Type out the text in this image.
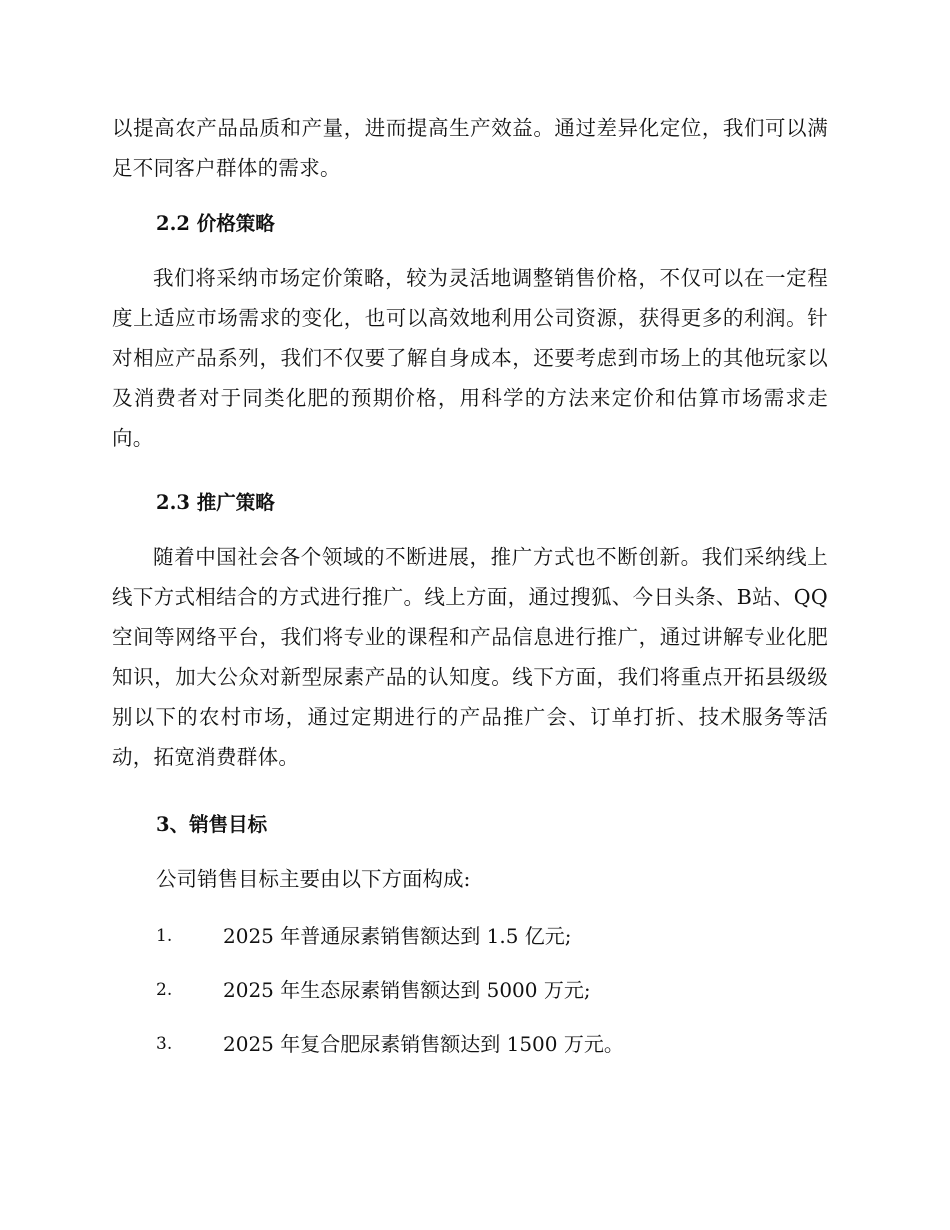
以提高农产品品质和产量，进而提高生产效益。通过差异化定位，我们可以满足不同客户群体的需求。

2.2 价格策略

我们将采纳市场定价策略，较为灵活地调整销售价格，不仅可以在一定程度上适应市场需求的变化，也可以高效地利用公司资源，获得更多的利润。针对相应产品系列，我们不仅要了解自身成本，还要考虑到市场上的其他玩家以及消费者对于同类化肥的预期价格，用科学的方法来定价和估算市场需求走向。

2.3 推广策略

随着中国社会各个领域的不断进展，推广方式也不断创新。我们采纳线上线下方式相结合的方式进行推广。线上方面，通过搜狐、今日头条、B站、QQ空间等网络平台，我们将专业的课程和产品信息进行推广，通过讲解专业化肥知识，加大公众对新型尿素产品的认知度。线下方面，我们将重点开拓县级级别以下的农村市场，通过定期进行的产品推广会、订单打折、技术服务等活动，拓宽消费群体。

3、销售目标

公司销售目标主要由以下方面构成:

1.	2025 年普通尿素销售额达到 1.5 亿元;
2.	2025 年生态尿素销售额达到 5000 万元;
3.	2025 年复合肥尿素销售额达到 1500 万元。
